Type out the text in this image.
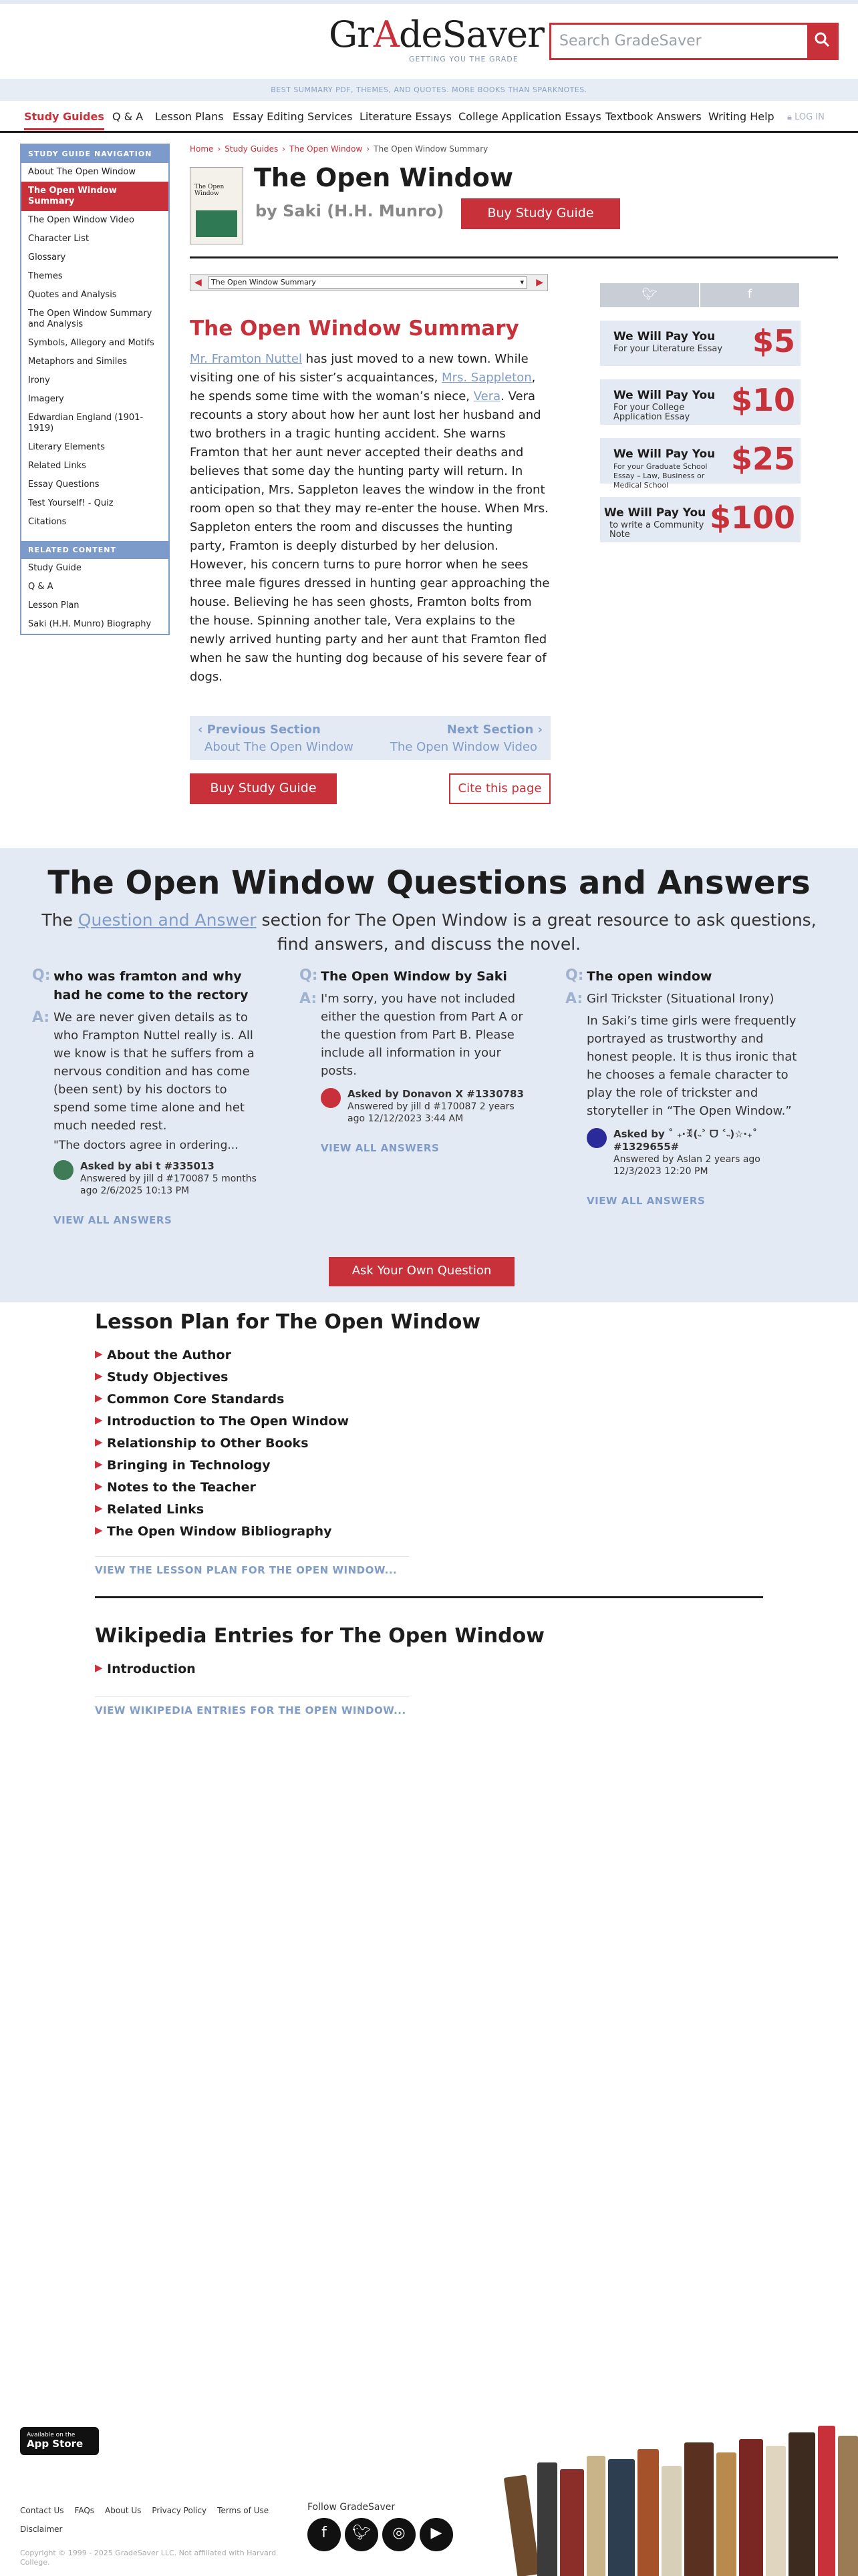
GrAdeSaver
GETTING YOU THE GRADE
Search GradeSaver
BEST SUMMARY PDF, THEMES, AND QUOTES. MORE BOOKS THAN SPARKNOTES.
Study Guides Q & A Lesson Plans Essay Editing Services Literature Essays College Application Essays Textbook Answers Writing Help 🔒︎ LOG IN
STUDY GUIDE NAVIGATION
About The Open Window
The Open Window Summary
The Open Window Video
Character List
Glossary
Themes
Quotes and Analysis
The Open Window Summary and Analysis
Symbols, Allegory and Motifs
Metaphors and Similes
Irony
Imagery
Edwardian England (1901-1919)
Literary Elements
Related Links
Essay Questions
Test Yourself! - Quiz
Citations
RELATED CONTENT
Study Guide
Q & A
Lesson Plan
Saki (H.H. Munro) Biography
Home › Study Guides › The Open Window › The Open Window Summary
The Open Window
The Open Window
by Saki (H.H. Munro)	Buy Study Guide
◀	The Open Window Summary	▾ ▶
The Open Window Summary
Mr. Framton Nuttel has just moved to a new town. While visiting one of his sister’s acquaintances, Mrs. Sappleton, he spends some time with the woman’s niece, Vera. Vera recounts a story about how her aunt lost her husband and two brothers in a tragic hunting accident. She warns Framton that her aunt never accepted their deaths and believes that some day the hunting party will return. In anticipation, Mrs. Sappleton leaves the window in the front room open so that they may re-enter the house. When Mrs. Sappleton enters the room and discusses the hunting party, Framton is deeply disturbed by her delusion. However, his concern turns to pure horror when he sees three male figures dressed in hunting gear approaching the house. Believing he has seen ghosts, Framton bolts from the house. Spinning another tale, Vera explains to the newly arrived hunting party and her aunt that Framton fled when he saw the hunting dog because of his severe fear of dogs.
🐦︎	f
We Will Pay You
For your Literature Essay $5
We Will Pay You
For your College Application Essay	$10
We Will Pay You
For your Graduate School Essay – Law, Business or Medical School
$25
We Will Pay You
to write a Community Note	$100
‹ Previous Section
About The Open Window
Next Section ›
The Open Window Video
Buy Study Guide	Cite this page
The Open Window Questions and Answers
The Question and Answer section for The Open Window is a great resource to ask questions, find answers, and discuss the novel.
Q: who was framton and why had he come to the rectory
A: We are never given details as to who Frampton Nuttel really is. All we know is that he suffers from a nervous condition and has come (been sent) by his doctors to spend some time alone and het much needed rest.
"The doctors agree in ordering...
Asked by abi t #335013
Answered by jill d #170087 5 months ago 2/6/2025 10:13 PM
VIEW ALL ANSWERS
Q: The Open Window by Saki
A: I'm sorry, you have not included either the question from Part A or the question from Part B. Please include all information in your posts.
Asked by Donavon X #1330783
Answered by jill d #170087 2 years ago 12/12/2023 3:44 AM
VIEW ALL ANSWERS
Q: The open window
A: Girl Trickster (Situational Irony)
In Saki’s time girls were frequently portrayed as trustworthy and honest people. It is thus ironic that he chooses a female character to play the role of trickster and storyteller in “The Open Window.”
Asked by ˚ ₊‧ꉂ(˵˃ ᗜ ˂˵)☆‧₊˚ #1329655#
Answered by Aslan 2 years ago 12/3/2023 12:20 PM
VIEW ALL ANSWERS
Ask Your Own Question
Lesson Plan for The Open Window
▶ About the Author
▶ Study Objectives
▶ Common Core Standards
▶ Introduction to The Open Window
▶ Relationship to Other Books
▶ Bringing in Technology
▶ Notes to the Teacher
▶ Related Links
▶ The Open Window Bibliography
VIEW THE LESSON PLAN FOR THE OPEN WINDOW...
Wikipedia Entries for The Open Window
▶ Introduction
VIEW WIKIPEDIA ENTRIES FOR THE OPEN WINDOW...
Available on the
App Store
Contact Us FAQs About Us Privacy Policy Terms of Use

Disclaimer
Follow GradeSaver
f	🐦︎	◎	▶
Copyright © 1999 - 2025 GradeSaver LLC. Not affiliated with Harvard College.
